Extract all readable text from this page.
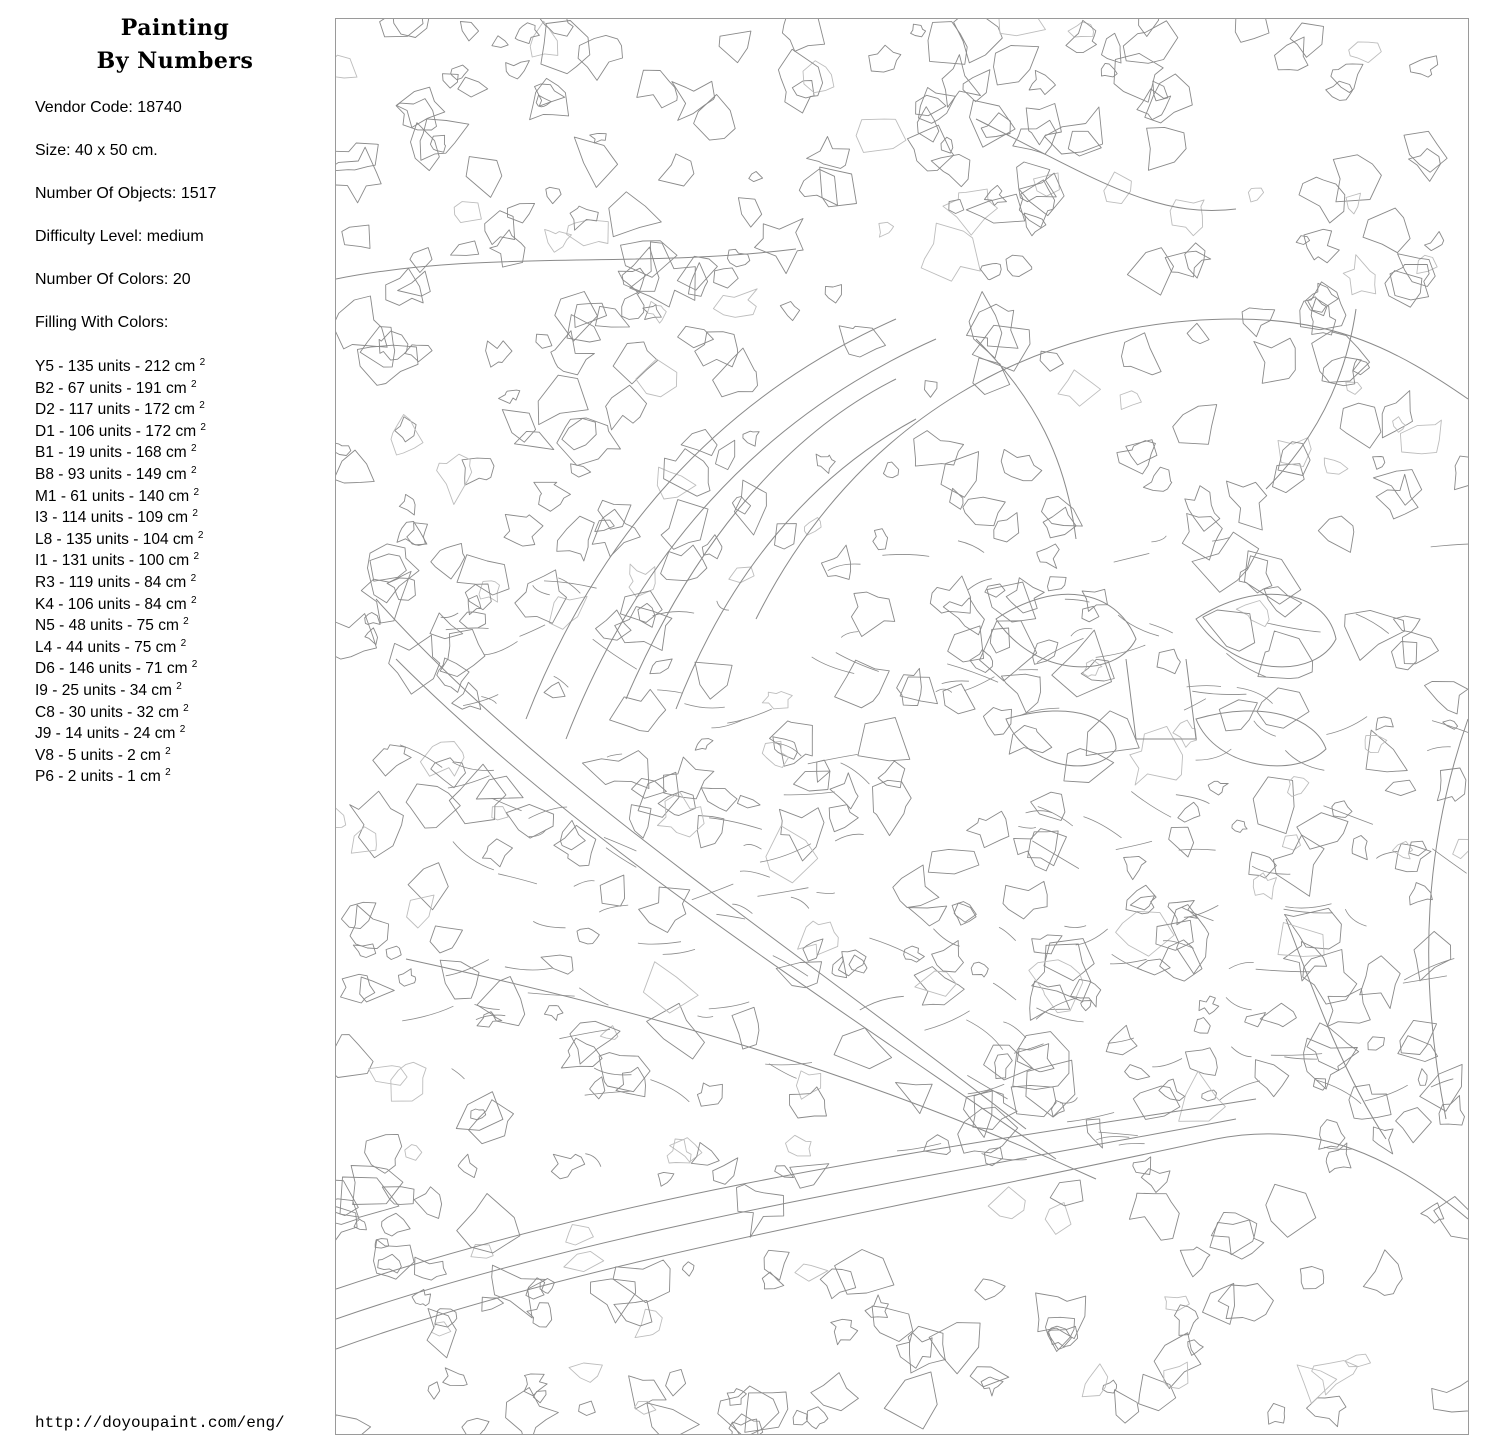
Painting
By Numbers
Vendor Code: 18740
Size: 40 x 50 cm.
Number Of Objects: 1517
Difficulty Level: medium
Number Of Colors: 20
Filling With Colors:
Y5 - 135 units - 212 cm $^2$
B2 - 67 units - 191 cm $^2$
D2 - 117 units - 172 cm $^2$
D1 - 106 units - 172 cm $^2$
B1 - 19 units - 168 cm $^2$
B8 - 93 units - 149 cm $^2$
M1 - 61 units - 140 cm $^2$
I3 - 114 units - 109 cm $^2$
L8 - 135 units - 104 cm $^2$
I1 - 131 units - 100 cm $^2$
R3 - 119 units - 84 cm $^2$
K4 - 106 units - 84 cm $^2$
N5 - 48 units - 75 cm $^2$
L4 - 44 units - 75 cm $^2$
D6 - 146 units - 71 cm $^2$
I9 - 25 units - 34 cm $^2$
C8 - 30 units - 32 cm $^2$
J9 - 14 units - 24 cm $^2$
V8 - 5 units - 2 cm $^2$
P6 - 2 units - 1 cm $^2$
http://doyoupaint.com/eng/
